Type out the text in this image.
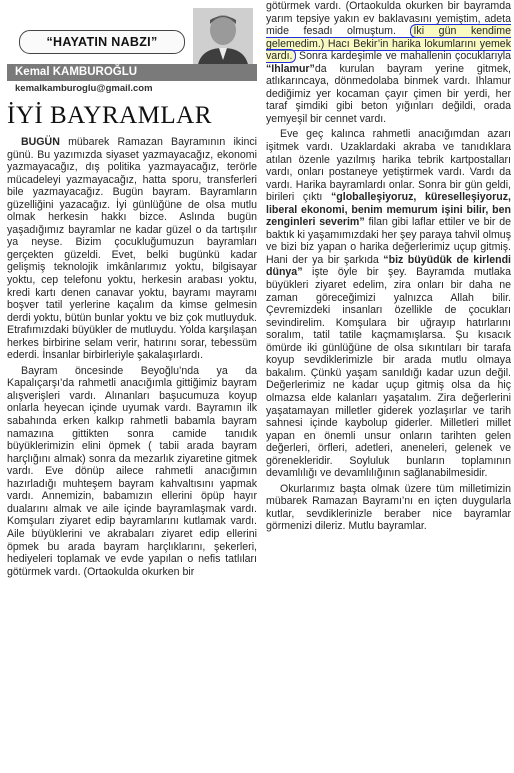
“HAYATIN NABZI”
Kemal KAMBUROĞLU
kemalkamburoglu@gmail.com
İYİ BAYRAMLAR

BUGÜN mübarek Ramazan Bayramının ikinci günü. Bu yazımızda siyaset yazmayacağız, ekonomi yazmayacağız, dış politika yazmayacağız, terörle mücadeleyi yazmayacağız, hatta sporu, transferleri bile yazmayacağız. Bugün bayram. Bayramların güzelliğini yazacağız. İyi günlüğüne de olsa mutlu olmak herkesin hakkı bizce. Aslında bugün yaşadığımız bayramlar ne kadar güzel o da tartışılır ya neyse. Bizim çocukluğumuzun bayramları gerçekten güzeldi. Evet, belki bugünkü kadar gelişmiş teknolojik imkânlarımız yoktu, bilgisayar yoktu, cep telefonu yoktu, herkesin arabası yoktu, kredi kartı denen canavar yoktu, bayramı mayramı boşver tatil yerlerine kaçalım da kimse gelmesin derdi yoktu, bütün bunlar yoktu ve biz çok mutluyduk. Etrafımızdaki büyükler de mutluydu. Yolda karşılaşan herkes birbirine selam verir, hatırını sorar, tebessüm ederdi. İnsanlar birbirleriyle şakalaşırlardı.

Bayram öncesinde Beyoğlu’nda ya da Kapalıçarşı’da rahmetli anacığımla gittiğimiz bayram alışverişleri vardı. Alınanları başucumuza koyup onlarla heyecan içinde uyumak vardı. Bayramın ilk sabahında erken kalkıp rahmetli babamla bayram namazına gittikten sonra camide tanıdık büyüklerimizin elini öpmek ( tabii arada bayram harçlığını almak) sonra da mezarlık ziyaretine gitmek vardı. Eve dönüp ailece rahmetli anacığımın hazırladığı muhteşem bayram kahvaltısını yapmak vardı. Annemizin, babamızın ellerini öpüp hayır dualarını almak ve aile içinde bayramlaşmak vardı. Komşuları ziyaret edip bayramlarını kutlamak vardı. Aile büyüklerini ve akrabaları ziyaret edip ellerini öpmek bu arada bayram harçlıklarını, şekerleri, hediyeleri toplamak ve evde yapılan o nefis tatlıları götürmek vardı. (Ortaokulda okurken bir

götürmek vardı. (Ortaokulda okurken bir bayramda yarım tepsiye yakın ev baklavasını yemiştim, adeta mide fesadı olmuştum. İki gün kendime gelemedim.) Hacı Bekir’in harika lokumlarını yemek vardı. Sonra kardeşimle ve mahallenin çocuklarıyla “Ihlamur”da kurulan bayram yerine gitmek, atlıkarıncaya, dönmedolaba binmek vardı. Ihlamur dediğimiz yer kocaman çayır çimen bir yerdi, her taraf şimdiki gibi beton yığınları değildi, orada yemyeşil bir cennet vardı.

Eve geç kalınca rahmetli anacığımdan azarı işitmek vardı. Uzaklardaki akraba ve tanıdıklara atılan özenle yazılmış harika tebrik kartpostalları vardı, onları postaneye yetiştirmek vardı. Vardı da vardı. Harika bayramlardı onlar. Sonra bir gün geldi, birileri çıktı “globalleşiyoruz, küreselleşiyoruz, liberal ekonomi, benim memurum işini bilir, ben zenginleri severim” filan gibi laflar ettiler ve bir de baktık ki yaşamımızdaki her şey paraya tahvil olmuş ve bizi biz yapan o harika değerlerimiz uçup gitmiş. Hani der ya bir şarkıda “biz büyüdük de kirlendi dünya” işte öyle bir şey. Bayramda mutlaka büyükleri ziyaret edelim, zira onları bir daha ne zaman göreceğimizi yalnızca Allah bilir. Çevremizdeki insanları özellikle de çocukları sevindirelim. Komşulara bir uğrayıp hatırlarını soralım, tatil tatile kaçmamışlarsa. Şu kısacık ömürde iki günlüğüne de olsa sıkıntıları bir tarafa koyup sevdiklerimizle bir arada mutlu olmaya bakalım. Çünkü yaşam sanıldığı kadar uzun değil. Değerlerimiz ne kadar uçup gitmiş olsa da hiç olmazsa elde kalanları yaşatalım. Zira değerlerini yaşatamayan milletler giderek yozlaşırlar ve tarih sahnesi içinde kaybolup giderler. Milletleri millet yapan en önemli unsur onların tarihten gelen değerleri, örfleri, adetleri, aneneleri, gelenek ve görenekleridir. Soyluluk bunların toplamının devamlılığı ve devamlılığının sağlanabilmesidir.

Okurlarımız başta olmak üzere tüm milletimizin mübarek Ramazan Bayramı’nı en içten duygularla kutlar, sevdiklerinizle beraber nice bayramlar görmenizi dileriz. Mutlu bayramlar.
